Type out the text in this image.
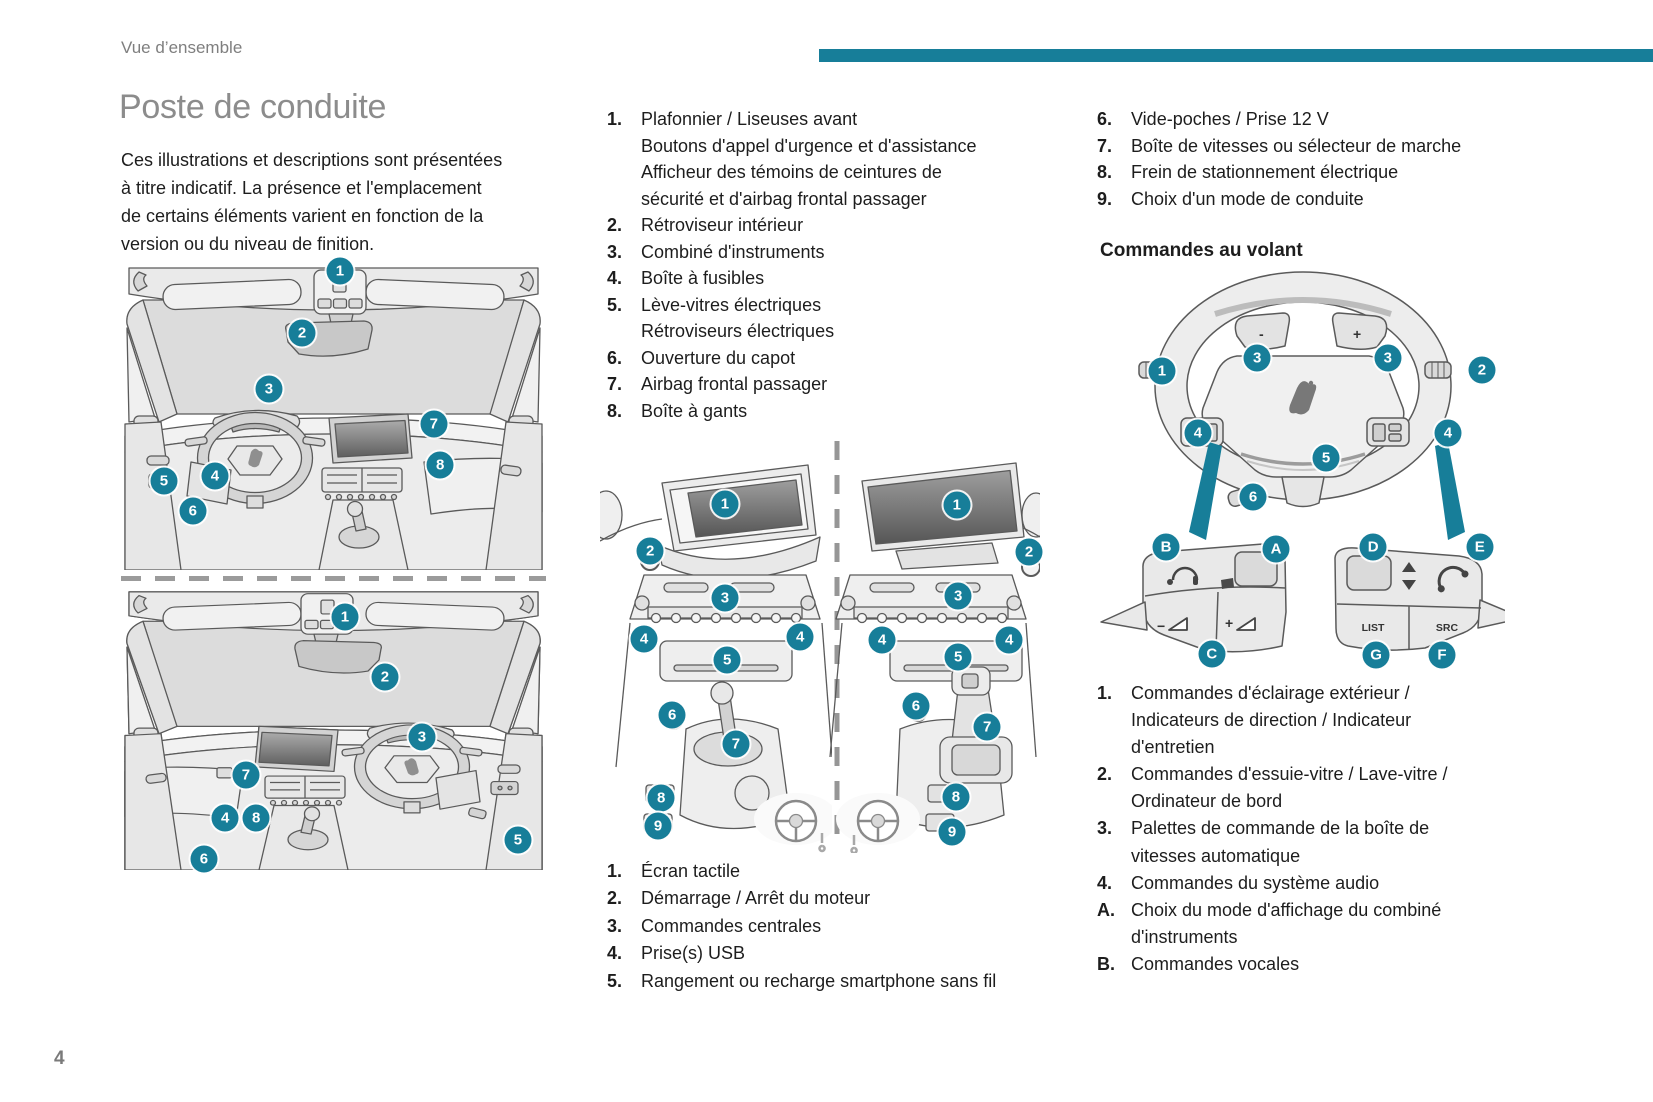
Vue d’ensemble
Poste de conduite
Ces illustrations et descriptions sont présentées
à titre indicatif. La présence et l'emplacement
de certains éléments varient en fonction de la
version ou du niveau de finition.
1
2
3
7
8
4
5
6
1
2
3
7
4	8
5
6
1.	Plafonnier / Liseuses avant
Boutons d'appel d'urgence et d'assistance
Afficheur des témoins de ceintures de
sécurité et d'airbag frontal passager
2.	Rétroviseur intérieur
3.	Combiné d'instruments
4.	Boîte à fusibles
5.	Lève-vitres électriques
Rétroviseurs électriques
6.	Ouverture du capot
7.	Airbag frontal passager
8.	Boîte à gants
1.	Écran tactile
2.	Démarrage / Arrêt du moteur
3.	Commandes centrales
4.	Prise(s) USB
5.	Rangement ou recharge smartphone sans fil
6.	Vide-poches / Prise 12 V
7.	Boîte de vitesses ou sélecteur de marche
8.	Frein de stationnement électrique
9.	Choix d'un mode de conduite
Commandes au volant
1.	Commandes d'éclairage extérieur /
Indicateurs de direction / Indicateur
d'entretien
2.	Commandes d'essuie-vitre / Lave-vitre /
Ordinateur de bord
3.	Palettes de commande de la boîte de
vitesses automatique
4.	Commandes du système audio
A. Choix du mode d'affichage du combiné
d'instruments
B. Commandes vocales
1
2
3
4	4
5
6
7
8
9
1
2
3
4	4
5
6
7
8
9
-	+
−	+	LIST	SRC
1
3	3
2
4	4
5
6
B	A	D	E
C	G	F
4
